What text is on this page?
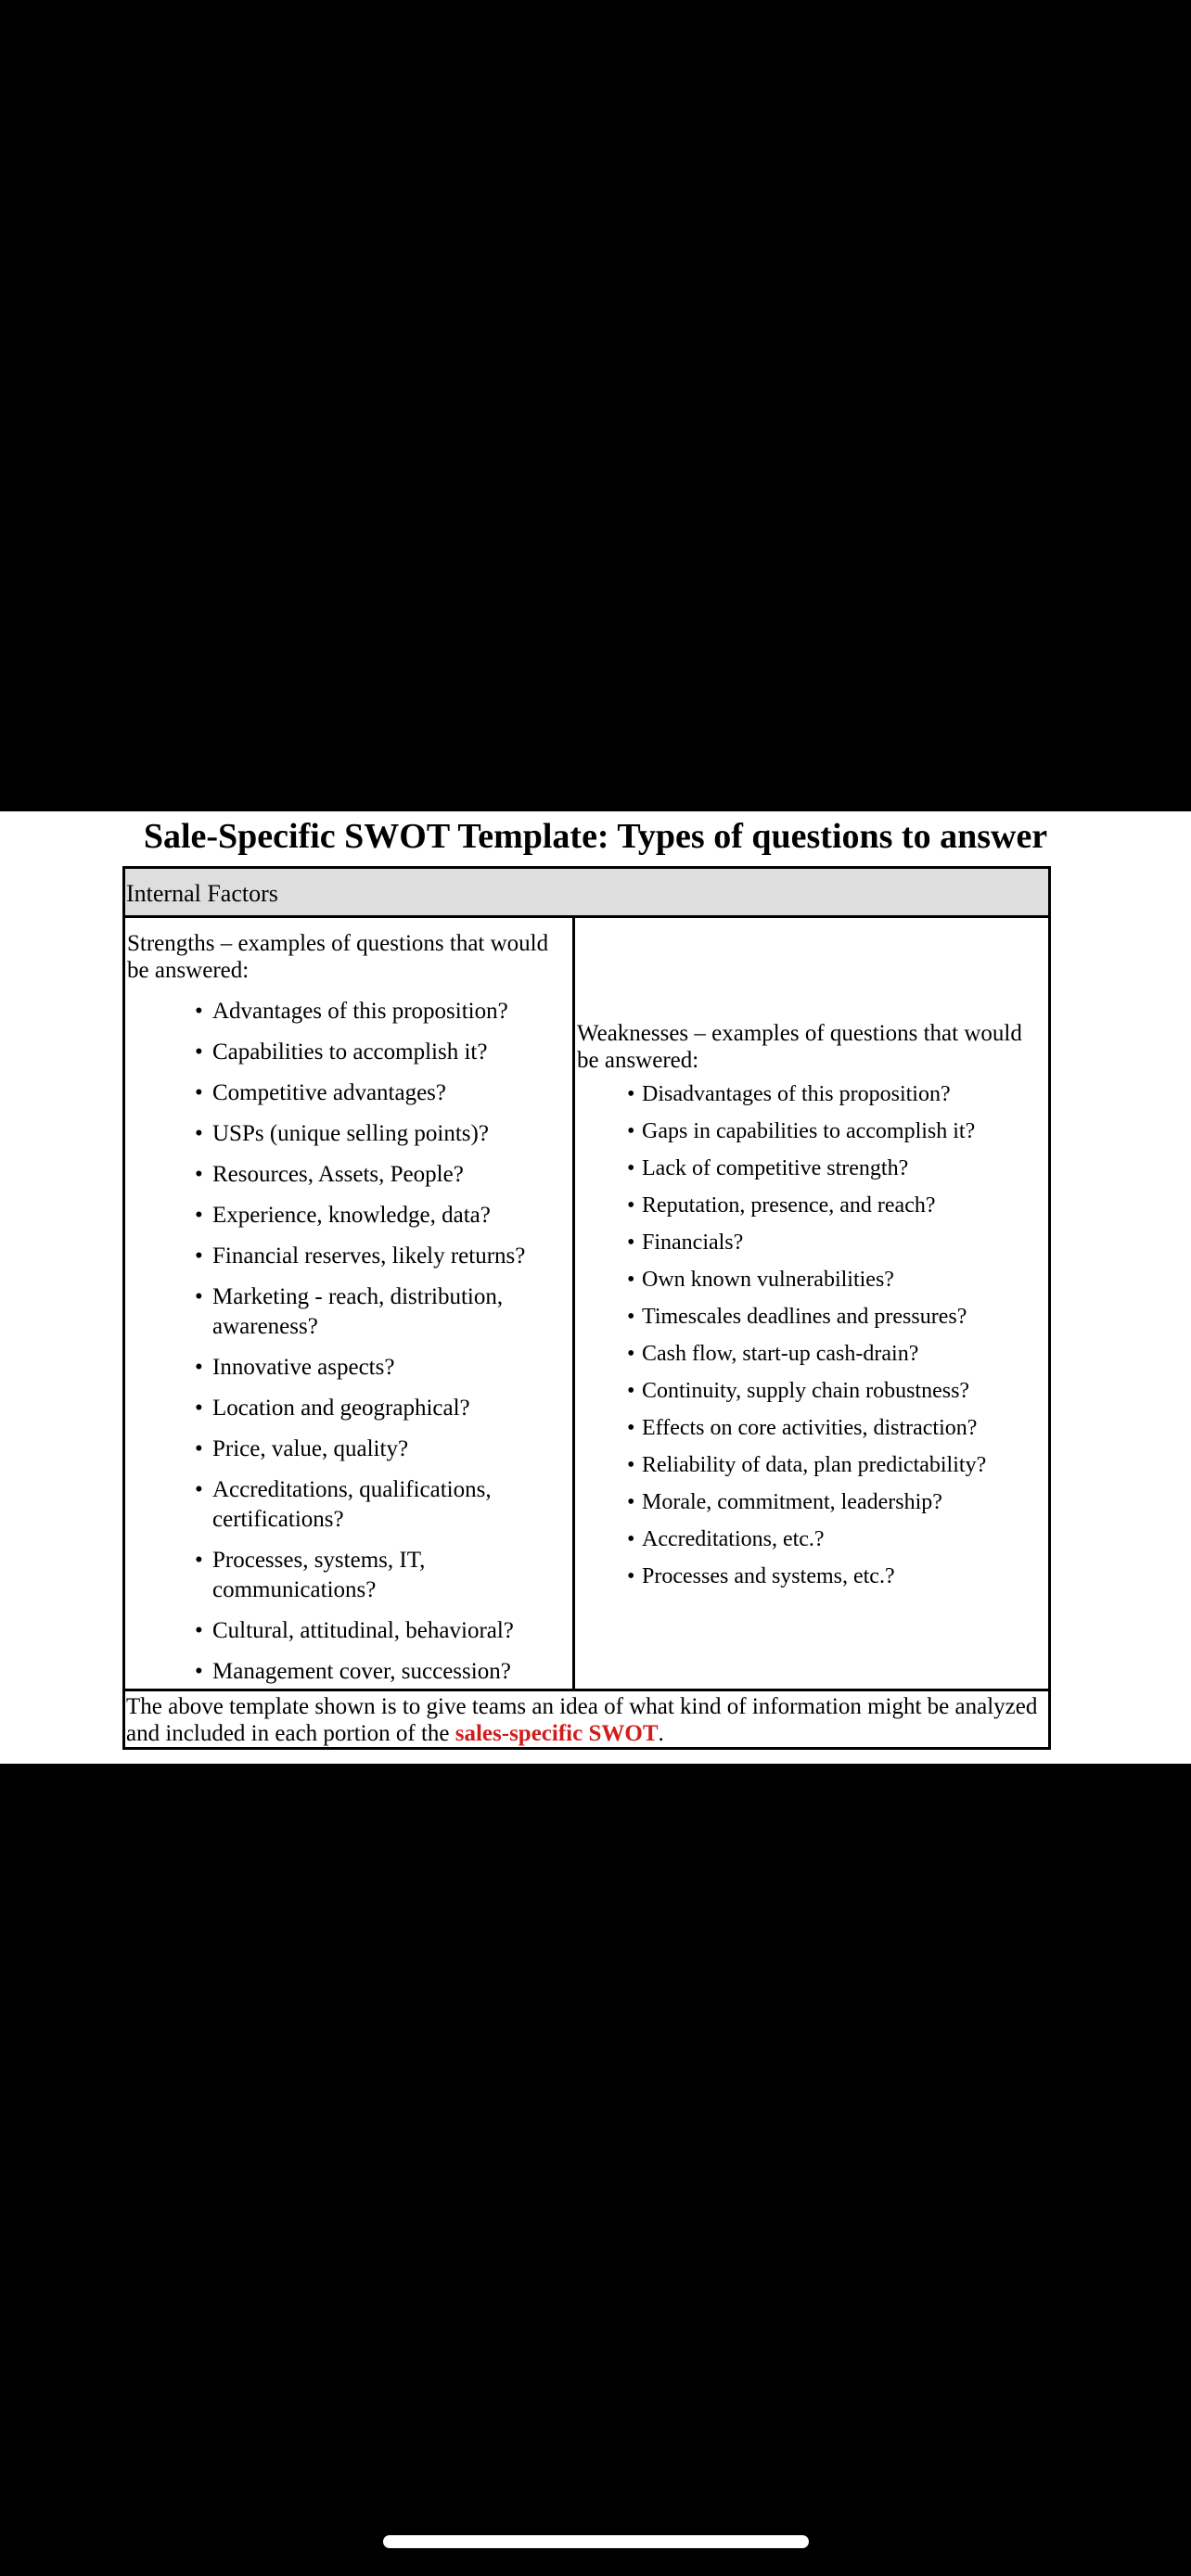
Sale-Specific SWOT Template: Types of questions to answer
Internal Factors

Strengths – examples of questions that would be answered:

• Advantages of this proposition?
• Capabilities to accomplish it?
• Competitive advantages?
• USPs (unique selling points)?
• Resources, Assets, People?
• Experience, knowledge, data?
• Financial reserves, likely returns?
• Marketing - reach, distribution, awareness?
• Innovative aspects?
• Location and geographical?
• Price, value, quality?
• Accreditations, qualifications, certifications?
• Processes, systems, IT, communications?
• Cultural, attitudinal, behavioral?
• Management cover, succession?

Weaknesses – examples of questions that would be answered:

• Disadvantages of this proposition?
• Gaps in capabilities to accomplish it?
• Lack of competitive strength?
• Reputation, presence, and reach?
• Financials?
• Own known vulnerabilities?
• Timescales deadlines and pressures?
• Cash flow, start-up cash-drain?
• Continuity, supply chain robustness?
• Effects on core activities, distraction?
• Reliability of data, plan predictability?
• Morale, commitment, leadership?
• Accreditations, etc.?
• Processes and systems, etc.?
The above template shown is to give teams an idea of what kind of information might be analyzed and included in each portion of the sales-specific SWOT.
